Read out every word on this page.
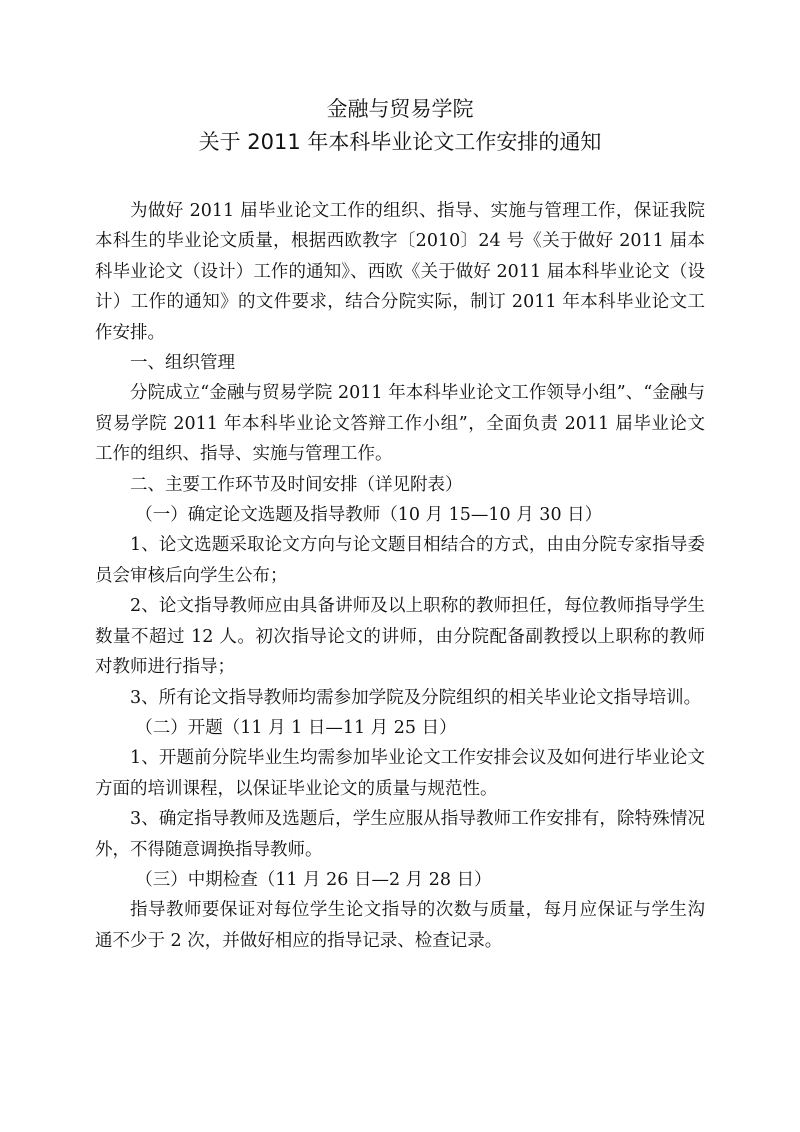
金融与贸易学院
关于 2011 年本科毕业论文工作安排的通知

为做好 2011 届毕业论文工作的组织、指导、实施与管理工作，保证我院本科生的毕业论文质量，根据西欧教字〔2010〕24 号《关于做好 2011 届本科毕业论文（设计）工作的通知》、西欧《关于做好 2011 届本科毕业论文（设计）工作的通知》的文件要求，结合分院实际，制订 2011 年本科毕业论文工作安排。

一、组织管理

分院成立“金融与贸易学院 2011 年本科毕业论文工作领导小组”、“金融与贸易学院 2011 年本科毕业论文答辩工作小组”，全面负责 2011 届毕业论文工作的组织、指导、实施与管理工作。

二、主要工作环节及时间安排（详见附表）

（一）确定论文选题及指导教师（10 月 15—10 月 30 日）

1、论文选题采取论文方向与论文题目相结合的方式，由由分院专家指导委员会审核后向学生公布；

2、论文指导教师应由具备讲师及以上职称的教师担任，每位教师指导学生数量不超过 12 人。初次指导论文的讲师，由分院配备副教授以上职称的教师对教师进行指导；

3、所有论文指导教师均需参加学院及分院组织的相关毕业论文指导培训。

（二）开题（11 月 1 日—11 月 25 日）

1、开题前分院毕业生均需参加毕业论文工作安排会议及如何进行毕业论文方面的培训课程，以保证毕业论文的质量与规范性。

3、确定指导教师及选题后，学生应服从指导教师工作安排有，除特殊情况外，不得随意调换指导教师。

（三）中期检查（11 月 26 日—2 月 28 日）

指导教师要保证对每位学生论文指导的次数与质量，每月应保证与学生沟通不少于 2 次，并做好相应的指导记录、检查记录。
